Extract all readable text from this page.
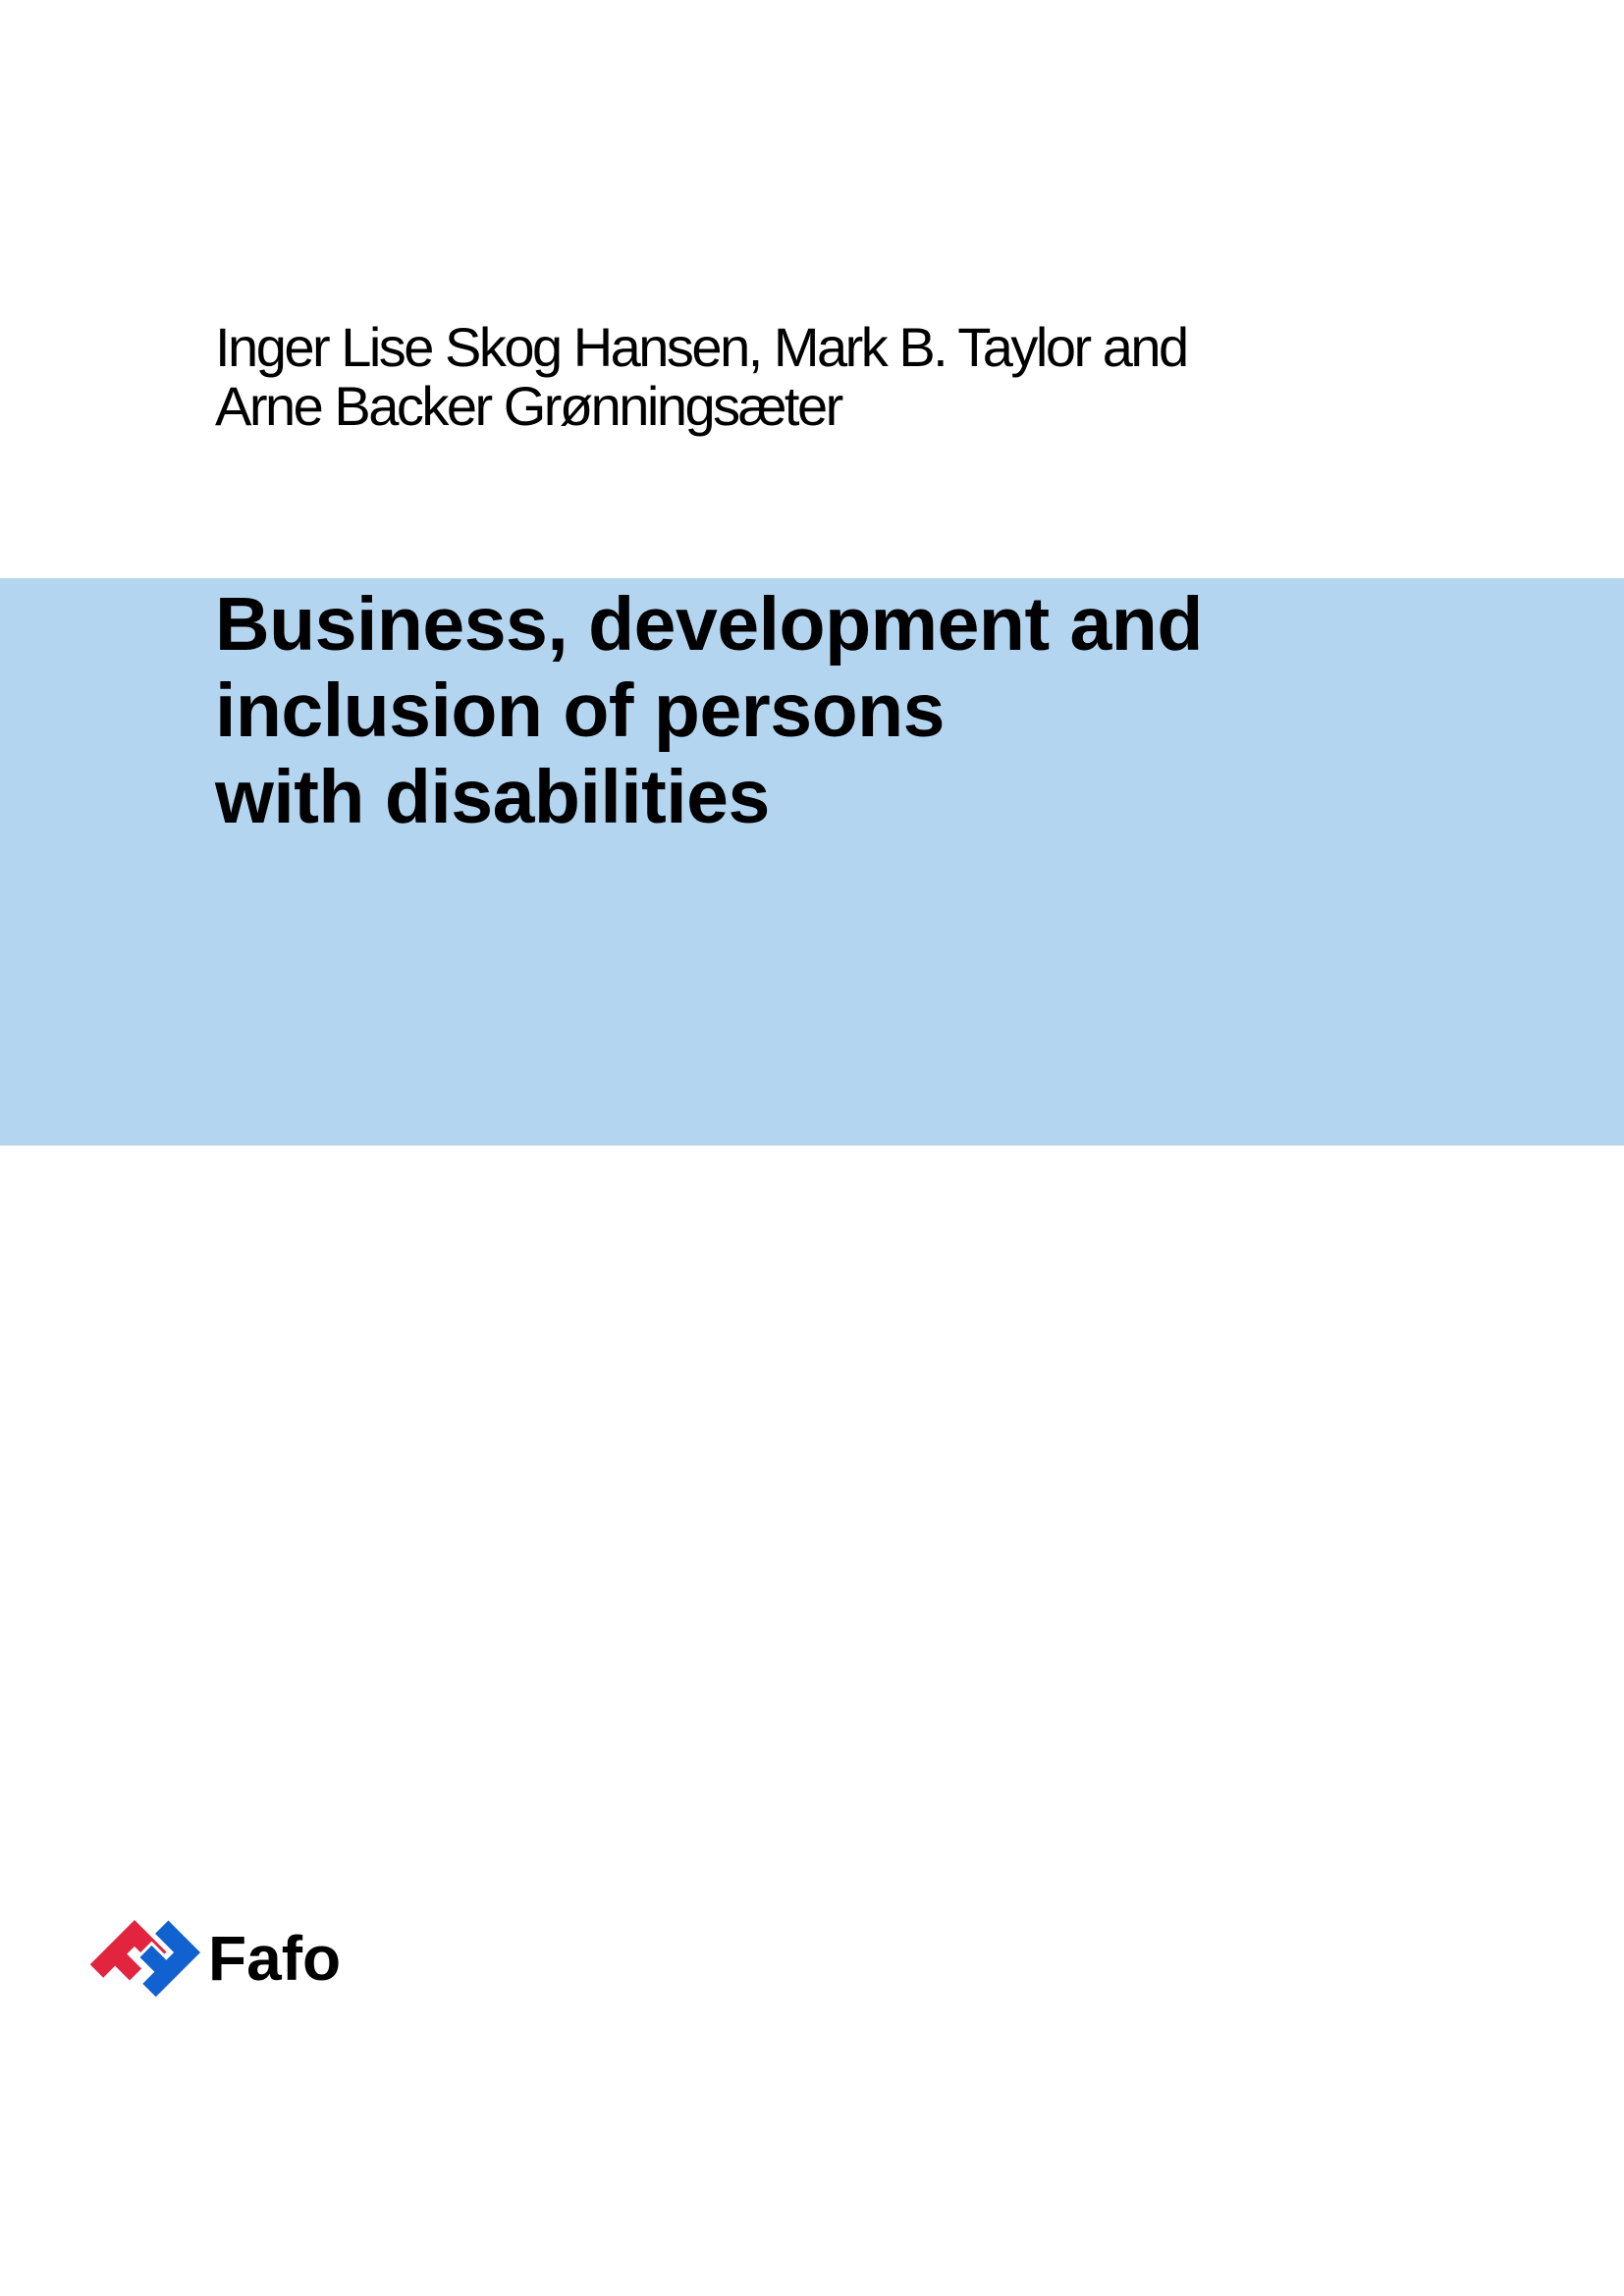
Inger Lise Skog Hansen, Mark B. Taylor and
Arne Backer Grønningsæter
Business, development and
inclusion of persons
with disabilities
Fafo
